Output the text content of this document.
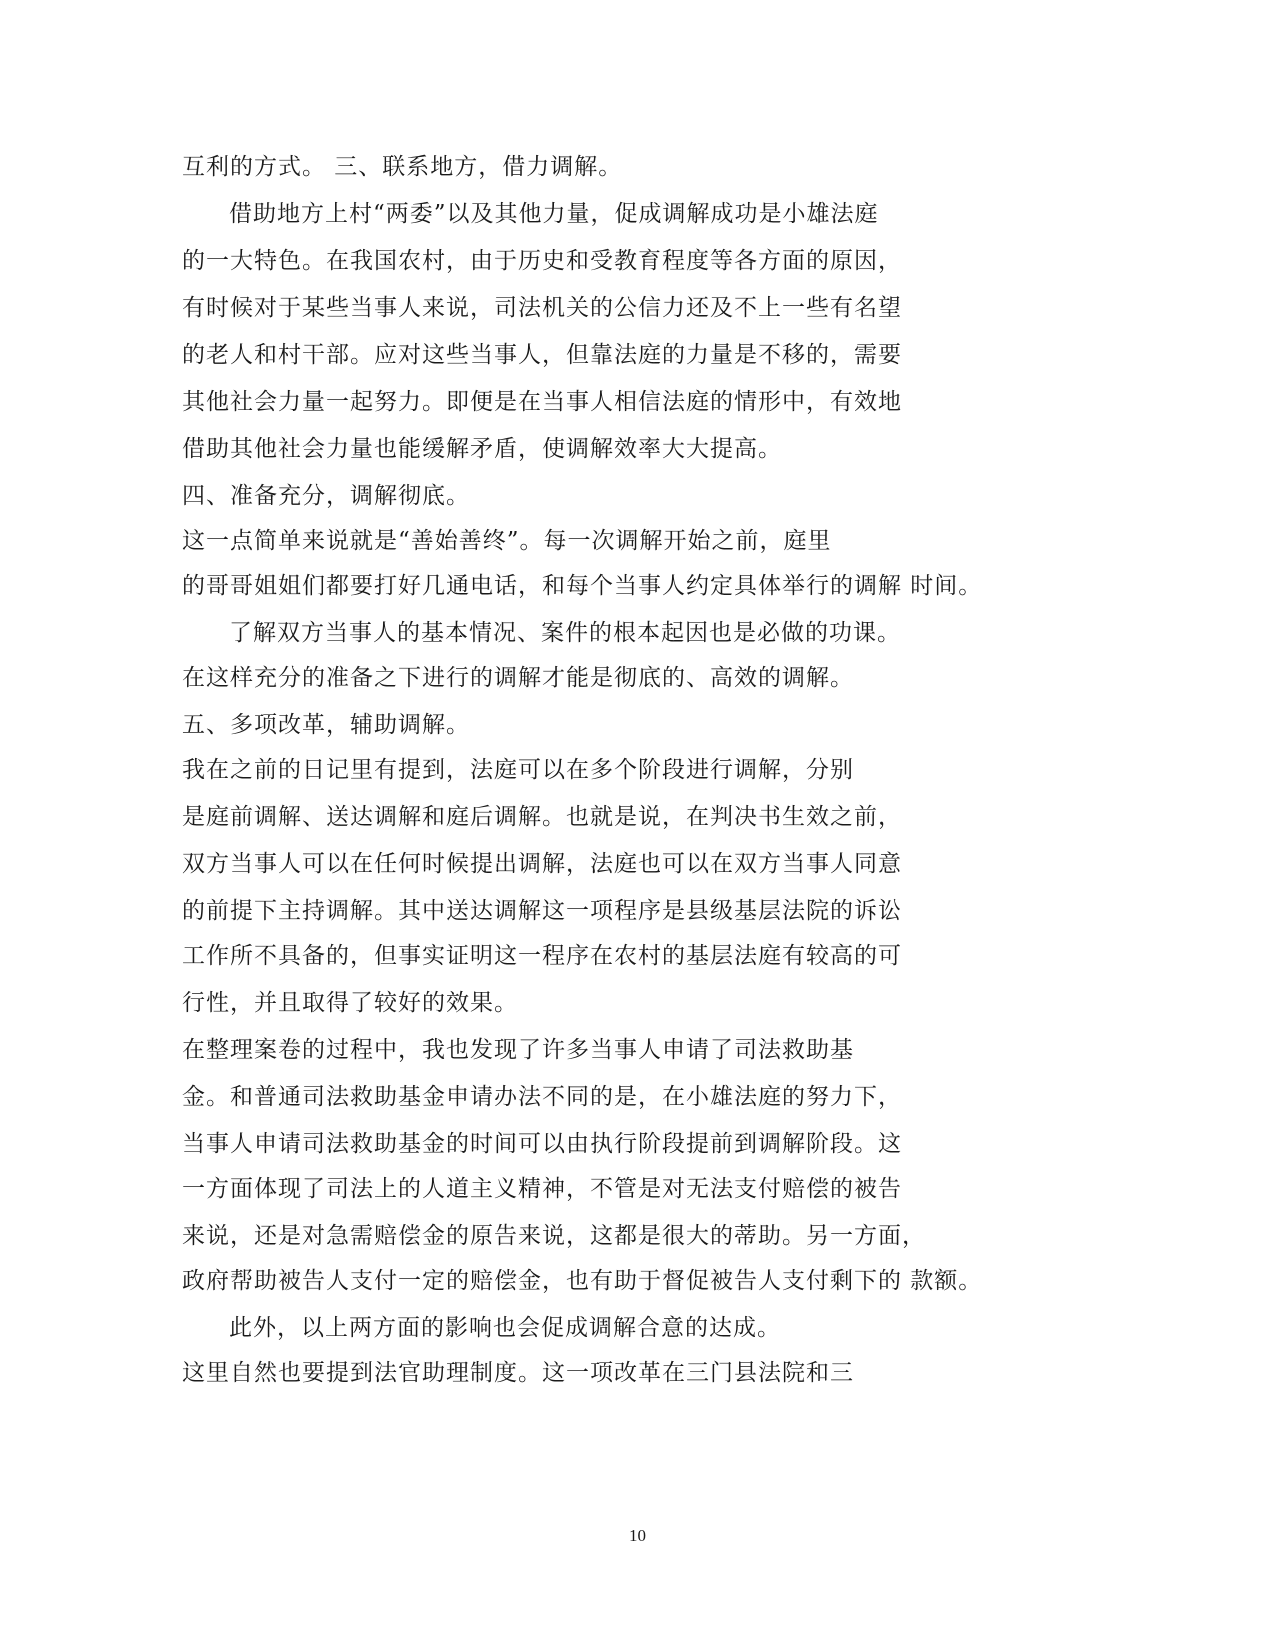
互利的方式。 三、联系地方，借力调解。
借助地方上村“两委”以及其他力量，促成调解成功是小雄法庭
的一大特色。在我国农村，由于历史和受教育程度等各方面的原因，
有时候对于某些当事人来说，司法机关的公信力还及不上一些有名望
的老人和村干部。应对这些当事人，但靠法庭的力量是不移的，需要
其他社会力量一起努力。即便是在当事人相信法庭的情形中，有效地
借助其他社会力量也能缓解矛盾，使调解效率大大提高。
四、准备充分，调解彻底。
这一点简单来说就是“善始善终”。每一次调解开始之前，庭里
的哥哥姐姐们都要打好几通电话，和每个当事人约定具体举行的调解 时间。
了解双方当事人的基本情况、案件的根本起因也是必做的功课。
在这样充分的准备之下进行的调解才能是彻底的、高效的调解。
五、多项改革，辅助调解。
我在之前的日记里有提到，法庭可以在多个阶段进行调解，分别
是庭前调解、送达调解和庭后调解。也就是说，在判决书生效之前，
双方当事人可以在任何时候提出调解，法庭也可以在双方当事人同意
的前提下主持调解。其中送达调解这一项程序是县级基层法院的诉讼
工作所不具备的，但事实证明这一程序在农村的基层法庭有较高的可
行性，并且取得了较好的效果。
在整理案卷的过程中，我也发现了许多当事人申请了司法救助基
金。和普通司法救助基金申请办法不同的是，在小雄法庭的努力下，
当事人申请司法救助基金的时间可以由执行阶段提前到调解阶段。这
一方面体现了司法上的人道主义精神，不管是对无法支付赔偿的被告
来说，还是对急需赔偿金的原告来说，这都是很大的蒂助。另一方面，
政府帮助被告人支付一定的赔偿金，也有助于督促被告人支付剩下的 款额。
此外，以上两方面的影响也会促成调解合意的达成。
这里自然也要提到法官助理制度。这一项改革在三门县法院和三
10
